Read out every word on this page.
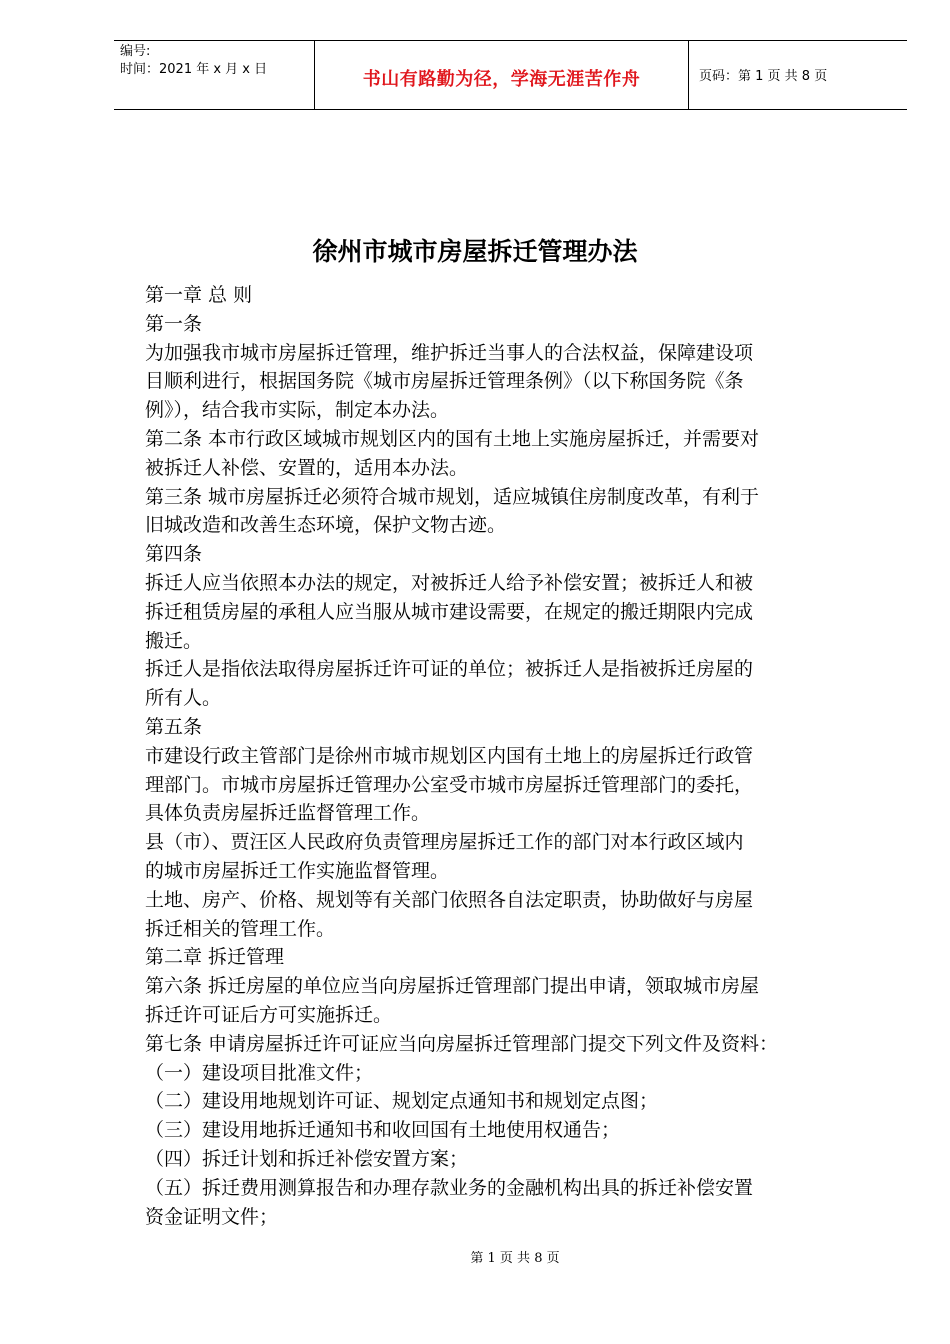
编号:
时间：2021 年 x 月 x 日	书山有路勤为径，学海无涯苦作舟	页码：第 1 页 共 8 页
徐州市城市房屋拆迁管理办法

第一章 总 则

第一条

为加强我市城市房屋拆迁管理，维护拆迁当事人的合法权益，保障建设项

目顺利进行，根据国务院《城市房屋拆迁管理条例》（以下称国务院《条

例》），结合我市实际，制定本办法。

第二条 本市行政区域城市规划区内的国有土地上实施房屋拆迁，并需要对

被拆迁人补偿、安置的，适用本办法。

第三条 城市房屋拆迁必须符合城市规划，适应城镇住房制度改革，有利于

旧城改造和改善生态环境，保护文物古迹。

第四条

拆迁人应当依照本办法的规定，对被拆迁人给予补偿安置；被拆迁人和被

拆迁租赁房屋的承租人应当服从城市建设需要，在规定的搬迁期限内完成

搬迁。

拆迁人是指依法取得房屋拆迁许可证的单位；被拆迁人是指被拆迁房屋的

所有人。

第五条

市建设行政主管部门是徐州市城市规划区内国有土地上的房屋拆迁行政管

理部门。市城市房屋拆迁管理办公室受市城市房屋拆迁管理部门的委托，

具体负责房屋拆迁监督管理工作。

县（市）、贾汪区人民政府负责管理房屋拆迁工作的部门对本行政区域内

的城市房屋拆迁工作实施监督管理。

土地、房产、价格、规划等有关部门依照各自法定职责，协助做好与房屋

拆迁相关的管理工作。

第二章 拆迁管理

第六条 拆迁房屋的单位应当向房屋拆迁管理部门提出申请，领取城市房屋

拆迁许可证后方可实施拆迁。

第七条 申请房屋拆迁许可证应当向房屋拆迁管理部门提交下列文件及资料：

（一）建设项目批准文件；

（二）建设用地规划许可证、规划定点通知书和规划定点图；

（三）建设用地拆迁通知书和收回国有土地使用权通告；

（四）拆迁计划和拆迁补偿安置方案；

（五）拆迁费用测算报告和办理存款业务的金融机构出具的拆迁补偿安置

资金证明文件；

第 1 页 共 8 页
